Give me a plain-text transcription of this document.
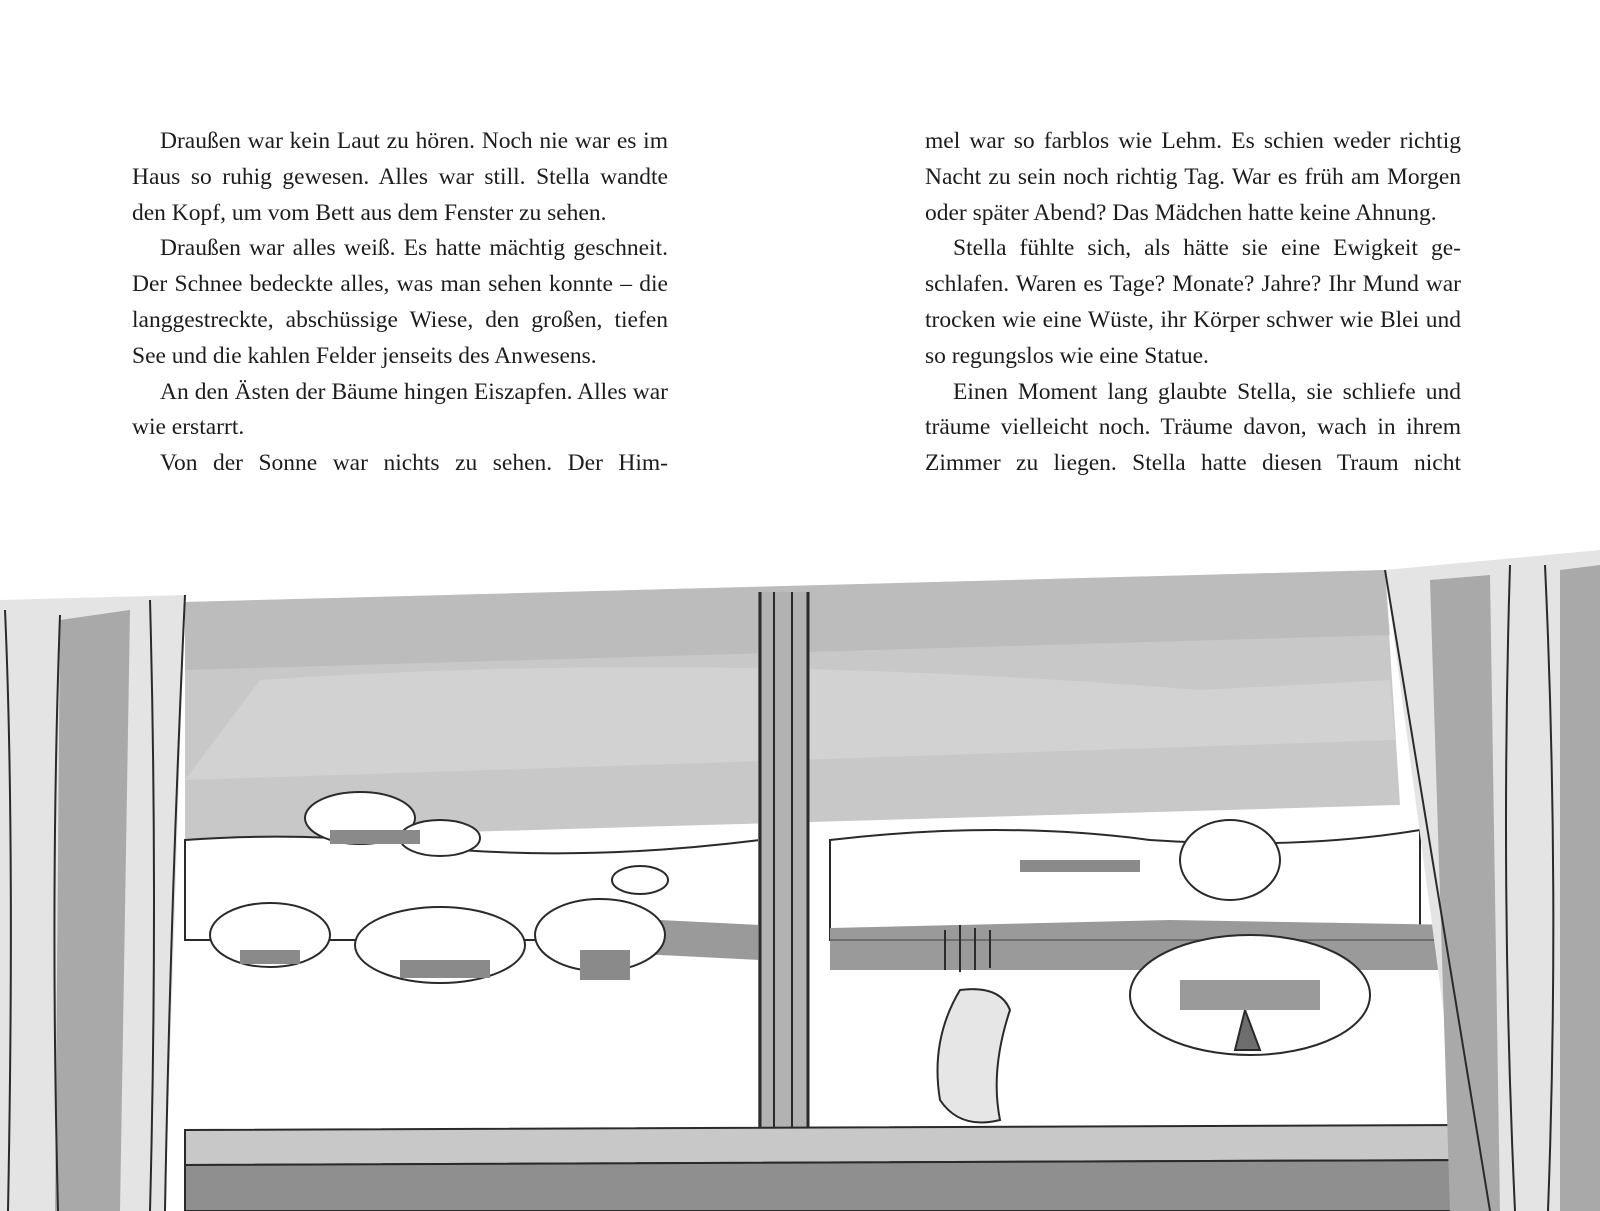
Draußen war kein Laut zu hören. Noch nie war es im Haus so ruhig gewesen. Alles war still. Stella wandte den Kopf, um vom Bett aus dem Fenster zu sehen.

Draußen war alles weiß. Es hatte mächtig geschneit. Der Schnee bedeckte alles, was man sehen konnte – die langgestreckte, abschüssige Wiese, den großen, tiefen See und die kahlen Felder jenseits des Anwesens.

An den Ästen der Bäume hingen Eiszapfen. Alles war wie erstarrt.

Von der Sonne war nichts zu sehen. Der Him-

mel war so farblos wie Lehm. Es schien weder richtig Nacht zu sein noch richtig Tag. War es früh am Morgen oder später Abend? Das Mädchen hatte keine Ahnung.

Stella fühlte sich, als hätte sie eine Ewigkeit geschlafen. Waren es Tage? Monate? Jahre? Ihr Mund war trocken wie eine Wüste, ihr Körper schwer wie Blei und so regungslos wie eine Statue.

Einen Moment lang glaubte Stella, sie schliefe und träume vielleicht noch. Träume davon, wach in ihrem Zimmer zu liegen. Stella hatte diesen Traum nicht
